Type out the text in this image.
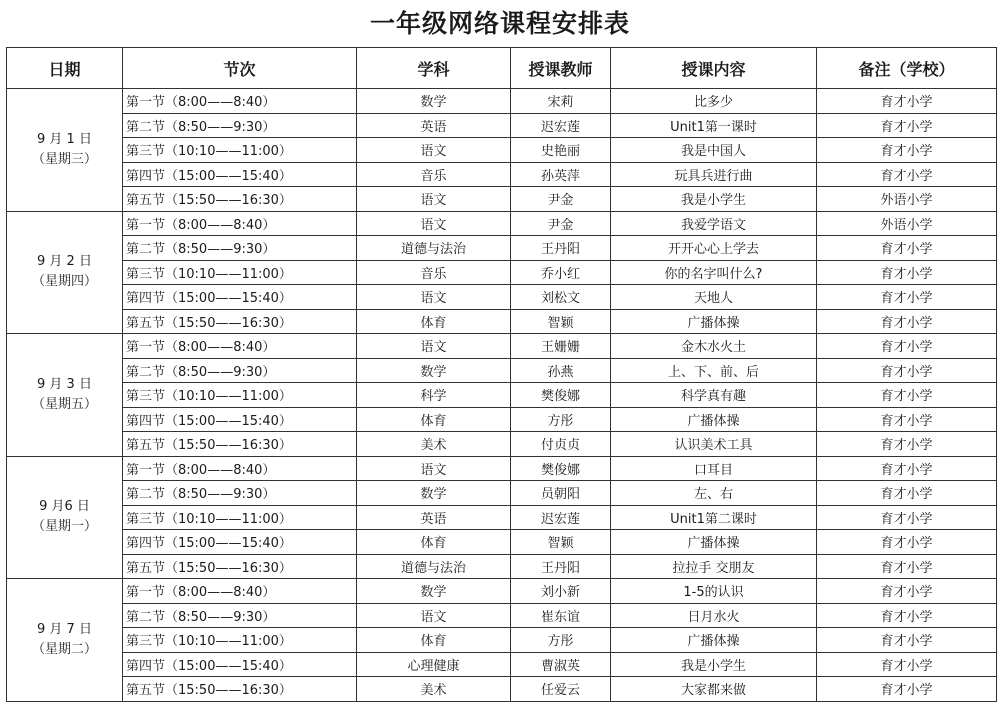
一年级网络课程安排表
日期	节次	学科	授课教师	授课内容	备注（学校）

9 月 1 日
（星期三）	第一节（8:00——8:40）	数学	宋莉	比多少	育才小学
	第二节（8:50——9:30）	英语	迟宏莲	Unit1第一课时	育才小学
	第三节（10:10——11:00）	语文	史艳丽	我是中国人	育才小学
	第四节（15:00——15:40）	音乐	孙英萍	玩具兵进行曲	育才小学
	第五节（15:50——16:30）	语文	尹金	我是小学生	外语小学

9 月 2 日
（星期四）	第一节（8:00——8:40）	语文	尹金	我爱学语文	外语小学
	第二节（8:50——9:30）	道德与法治	王丹阳	开开心心上学去	育才小学
	第三节（10:10——11:00）	音乐	乔小红	你的名字叫什么?	育才小学
	第四节（15:00——15:40）	语文	刘松文	天地人	育才小学
	第五节（15:50——16:30）	体育	智颖	广播体操	育才小学

9 月 3 日
（星期五）	第一节（8:00——8:40）	语文	王姗姗	金木水火土	育才小学
	第二节（8:50——9:30）	数学	孙燕	上、下、前、后	育才小学
	第三节（10:10——11:00）	科学	樊俊娜	科学真有趣	育才小学
	第四节（15:00——15:40）	体育	方彤	广播体操	育才小学
	第五节（15:50——16:30）	美术	付贞贞	认识美术工具	育才小学

9 月6 日
（星期一）	第一节（8:00——8:40）	语文	樊俊娜	口耳目	育才小学
	第二节（8:50——9:30）	数学	员朝阳	左、右	育才小学
	第三节（10:10——11:00）	英语	迟宏莲	Unit1第二课时	育才小学
	第四节（15:00——15:40）	体育	智颖	广播体操	育才小学
	第五节（15:50——16:30）	道德与法治	王丹阳	拉拉手 交朋友	育才小学

9 月 7 日
（星期二）	第一节（8:00——8:40）	数学	刘小新	1-5的认识	育才小学
	第二节（8:50——9:30）	语文	崔东谊	日月水火	育才小学
	第三节（10:10——11:00）	体育	方彤	广播体操	育才小学
	第四节（15:00——15:40）	心理健康	曹淑英	我是小学生	育才小学
	第五节（15:50——16:30）	美术	任爱云	大家都来做	育才小学
